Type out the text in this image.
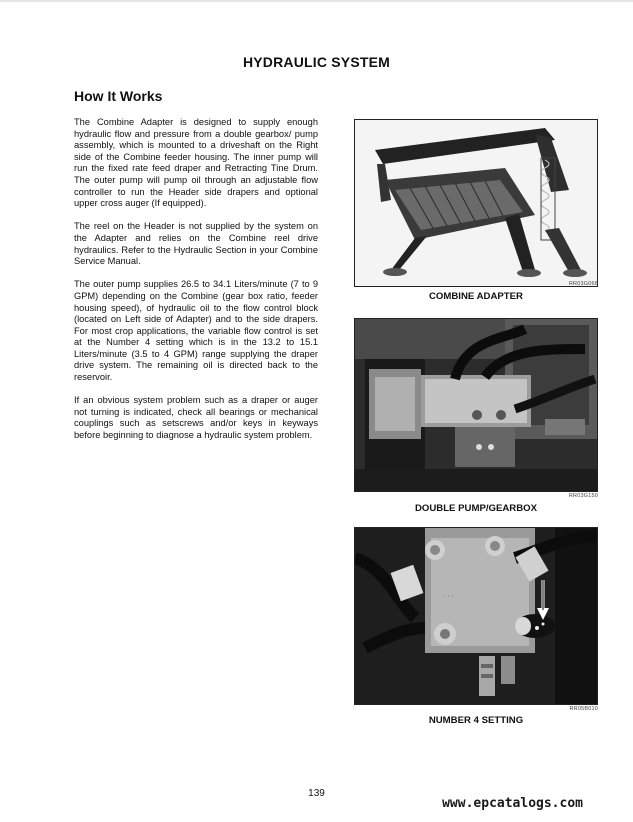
HYDRAULIC SYSTEM
How It Works

The Combine Adapter is designed to supply enough hydraulic flow and pressure from a double gearbox/ pump assembly, which is mounted to a driveshaft on the Right side of the Combine feeder housing. The inner pump will run the fixed rate feed draper and Retracting Tine Drum. The outer pump will pump oil through an adjustable flow controller to run the Header side drapers and optional upper cross auger (If equipped).

The reel on the Header is not supplied by the system on the Adapter and relies on the Combine reel drive hydraulics. Refer to the Hydraulic Section in your Combine Service Manual.

The outer pump supplies 26.5 to 34.1 Liters/minute (7 to 9 GPM) depending on the Combine (gear box ratio, feeder housing speed), of hydraulic oil to the flow control block (located on Left side of Adapter) and to the side drapers. For most crop applications, the variable flow control is set at the Number 4 setting which is in the 13.2 to 15.1 Liters/minute (3.5 to 4 GPM) range supplying the draper drive system. The remaining oil is directed back to the reservoir.

If an obvious system problem such as a draper or auger not turning is indicated, check all bearings or mechanical couplings such as setscrews and/or keys in keyways before beginning to diagnose a hydraulic system problem.

RR03G068

COMBINE ADAPTER

RR03G150

DOUBLE PUMP/GEARBOX

· · ·
RR05B010

NUMBER 4 SETTING

139
www.epcatalogs.com
